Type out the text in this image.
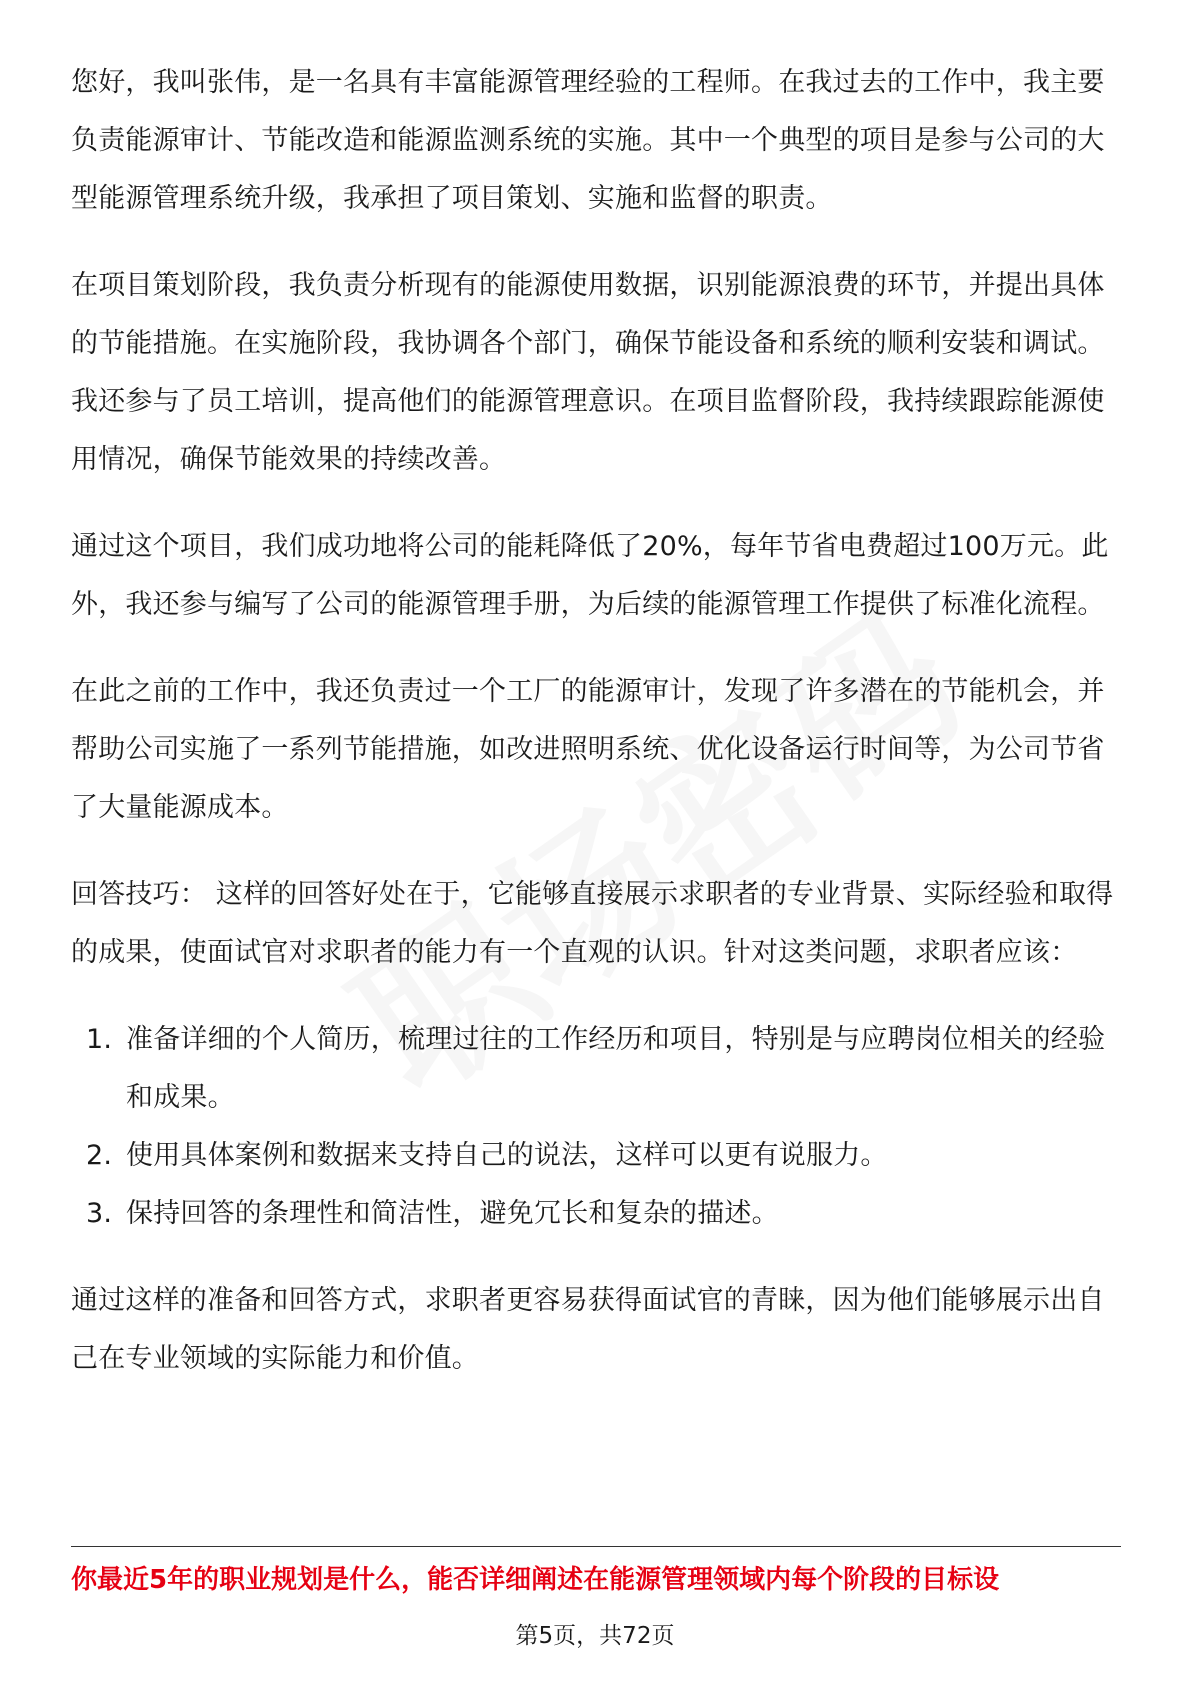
您好，我叫张伟，是一名具有丰富能源管理经验的工程师。在我过去的工作中，我主要负责能源审计、节能改造和能源监测系统的实施。其中一个典型的项目是参与公司的大型能源管理系统升级，我承担了项目策划、实施和监督的职责。

在项目策划阶段，我负责分析现有的能源使用数据，识别能源浪费的环节，并提出具体的节能措施。在实施阶段，我协调各个部门，确保节能设备和系统的顺利安装和调试。我还参与了员工培训，提高他们的能源管理意识。在项目监督阶段，我持续跟踪能源使用情况，确保节能效果的持续改善。

通过这个项目，我们成功地将公司的能耗降低了20%，每年节省电费超过100万元。此外，我还参与编写了公司的能源管理手册，为后续的能源管理工作提供了标准化流程。

在此之前的工作中，我还负责过一个工厂的能源审计，发现了许多潜在的节能机会，并帮助公司实施了一系列节能措施，如改进照明系统、优化设备运行时间等，为公司节省了大量能源成本。

回答技巧： 这样的回答好处在于，它能够直接展示求职者的专业背景、实际经验和取得的成果，使面试官对求职者的能力有一个直观的认识。针对这类问题，求职者应该：

1. 准备详细的个人简历，梳理过往的工作经历和项目，特别是与应聘岗位相关的经验和成果。
2. 使用具体案例和数据来支持自己的说法，这样可以更有说服力。
3. 保持回答的条理性和简洁性，避免冗长和复杂的描述。

通过这样的准备和回答方式，求职者更容易获得面试官的青睐，因为他们能够展示出自己在专业领域的实际能力和价值。

你最近5年的职业规划是什么，能否详细阐述在能源管理领域内每个阶段的目标设
第5页，共72页
